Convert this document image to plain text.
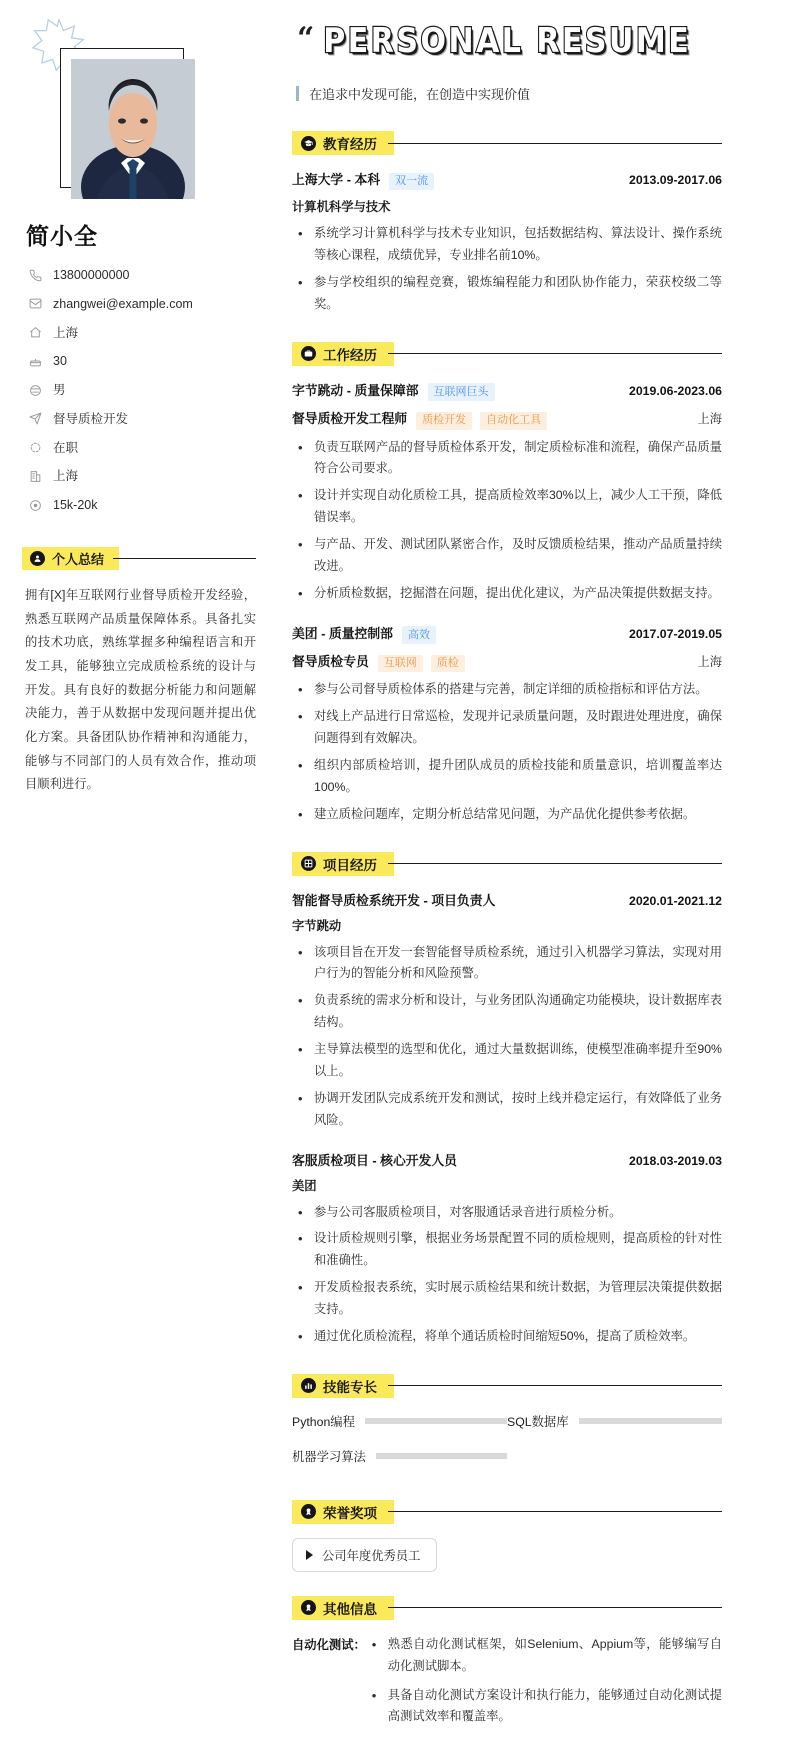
简小全
13800000000
zhangwei@example.com
上海
30
男
督导质检开发
在职
上海
15k-20k
个人总结

拥有[X]年互联网行业督导质检开发经验，熟悉互联网产品质量保障体系。具备扎实的技术功底，熟练掌握多种编程语言和开发工具，能够独立完成质检系统的设计与开发。具有良好的数据分析能力和问题解决能力，善于从数据中发现问题并提出优化方案。具备团队协作精神和沟通能力，能够与不同部门的人员有效合作，推动项目顺利进行。

“ PERSONAL RESUME
在追求中发现可能，在创造中实现价值
教育经历
上海大学 - 本科	双一流	2013.09-2017.06
计算机科学与技术
• 系统学习计算机科学与技术专业知识，包括数据结构、算法设计、操作系统等核心课程，成绩优异，专业排名前10%。
• 参与学校组织的编程竞赛，锻炼编程能力和团队协作能力，荣获校级二等奖。
工作经历
字节跳动 - 质量保障部	互联网巨头	2019.06-2023.06
督导质检开发工程师	质检开发	自动化工具	上海
• 负责互联网产品的督导质检体系开发，制定质检标准和流程，确保产品质量符合公司要求。
• 设计并实现自动化质检工具，提高质检效率30%以上，减少人工干预，降低错误率。
• 与产品、开发、测试团队紧密合作，及时反馈质检结果，推动产品质量持续改进。
• 分析质检数据，挖掘潜在问题，提出优化建议，为产品决策提供数据支持。
美团 - 质量控制部	高效	2017.07-2019.05
督导质检专员	互联网	质检	上海
• 参与公司督导质检体系的搭建与完善，制定详细的质检指标和评估方法。
• 对线上产品进行日常巡检，发现并记录质量问题，及时跟进处理进度，确保问题得到有效解决。
• 组织内部质检培训，提升团队成员的质检技能和质量意识，培训覆盖率达100%。
• 建立质检问题库，定期分析总结常见问题，为产品优化提供参考依据。
项目经历
智能督导质检系统开发 - 项目负责人	2020.01-2021.12
字节跳动
• 该项目旨在开发一套智能督导质检系统，通过引入机器学习算法，实现对用户行为的智能分析和风险预警。
• 负责系统的需求分析和设计，与业务团队沟通确定功能模块，设计数据库表结构。
• 主导算法模型的选型和优化，通过大量数据训练，使模型准确率提升至90%以上。
• 协调开发团队完成系统开发和测试，按时上线并稳定运行，有效降低了业务风险。
客服质检项目 - 核心开发人员	2018.03-2019.03
美团
• 参与公司客服质检项目，对客服通话录音进行质检分析。
• 设计质检规则引擎，根据业务场景配置不同的质检规则，提高质检的针对性和准确性。
• 开发质检报表系统，实时展示质检结果和统计数据，为管理层决策提供数据支持。
• 通过优化质检流程，将单个通话质检时间缩短50%，提高了质检效率。
技能专长
Python编程	SQL数据库
机器学习算法
荣誉奖项
公司年度优秀员工
其他信息
自动化测试：	• 熟悉自动化测试框架，如Selenium、Appium等，能够编写自动化测试脚本。
• 具备自动化测试方案设计和执行能力，能够通过自动化测试提高测试效率和覆盖率。
